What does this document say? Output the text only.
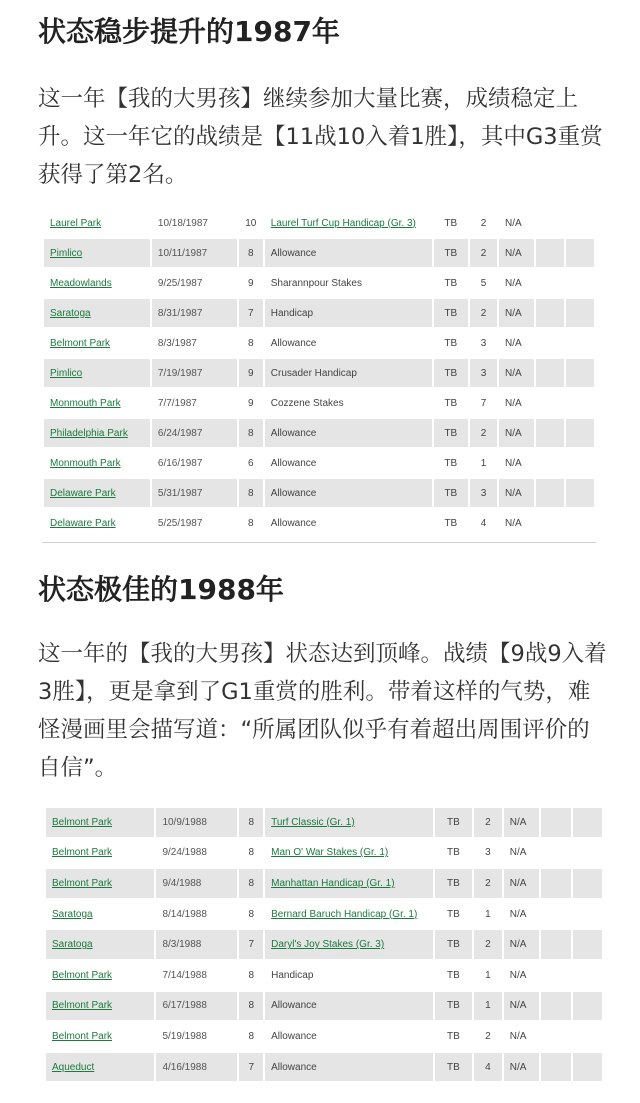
状态稳步提升的1987年

这一年【我的大男孩】继续参加大量比赛，成绩稳定上升。这一年它的战绩是【11战10入着1胜】，其中G3重赏获得了第2名。

Laurel Park	10/18/1987	10	Laurel Turf Cup Handicap (Gr. 3)	TB	2	N/A		
Pimlico	10/11/1987	8	Allowance	TB	2	N/A		
Meadowlands	9/25/1987	9	Sharannpour Stakes	TB	5	N/A		
Saratoga	8/31/1987	7	Handicap	TB	2	N/A		
Belmont Park	8/3/1987	8	Allowance	TB	3	N/A		
Pimlico	7/19/1987	9	Crusader Handicap	TB	3	N/A		
Monmouth Park	7/7/1987	9	Cozzene Stakes	TB	7	N/A		
Philadelphia Park	6/24/1987	8	Allowance	TB	2	N/A		
Monmouth Park	6/16/1987	6	Allowance	TB	1	N/A		
Delaware Park	5/31/1987	8	Allowance	TB	3	N/A		
Delaware Park	5/25/1987	8	Allowance	TB	4	N/A		
状态极佳的1988年

这一年的【我的大男孩】状态达到顶峰。战绩【9战9入着3胜】，更是拿到了G1重赏的胜利。带着这样的气势，难怪漫画里会描写道：“所属团队似乎有着超出周围评价的自信”。

Belmont Park	10/9/1988	8	Turf Classic (Gr. 1)	TB	2	N/A		
Belmont Park	9/24/1988	8	Man O' War Stakes (Gr. 1)	TB	3	N/A		
Belmont Park	9/4/1988	8	Manhattan Handicap (Gr. 1)	TB	2	N/A		
Saratoga	8/14/1988	8	Bernard Baruch Handicap (Gr. 1)	TB	1	N/A		
Saratoga	8/3/1988	7	Daryl's Joy Stakes (Gr. 3)	TB	2	N/A		
Belmont Park	7/14/1988	8	Handicap	TB	1	N/A		
Belmont Park	6/17/1988	8	Allowance	TB	1	N/A		
Belmont Park	5/19/1988	8	Allowance	TB	2	N/A		
Aqueduct	4/16/1988	7	Allowance	TB	4	N/A		
